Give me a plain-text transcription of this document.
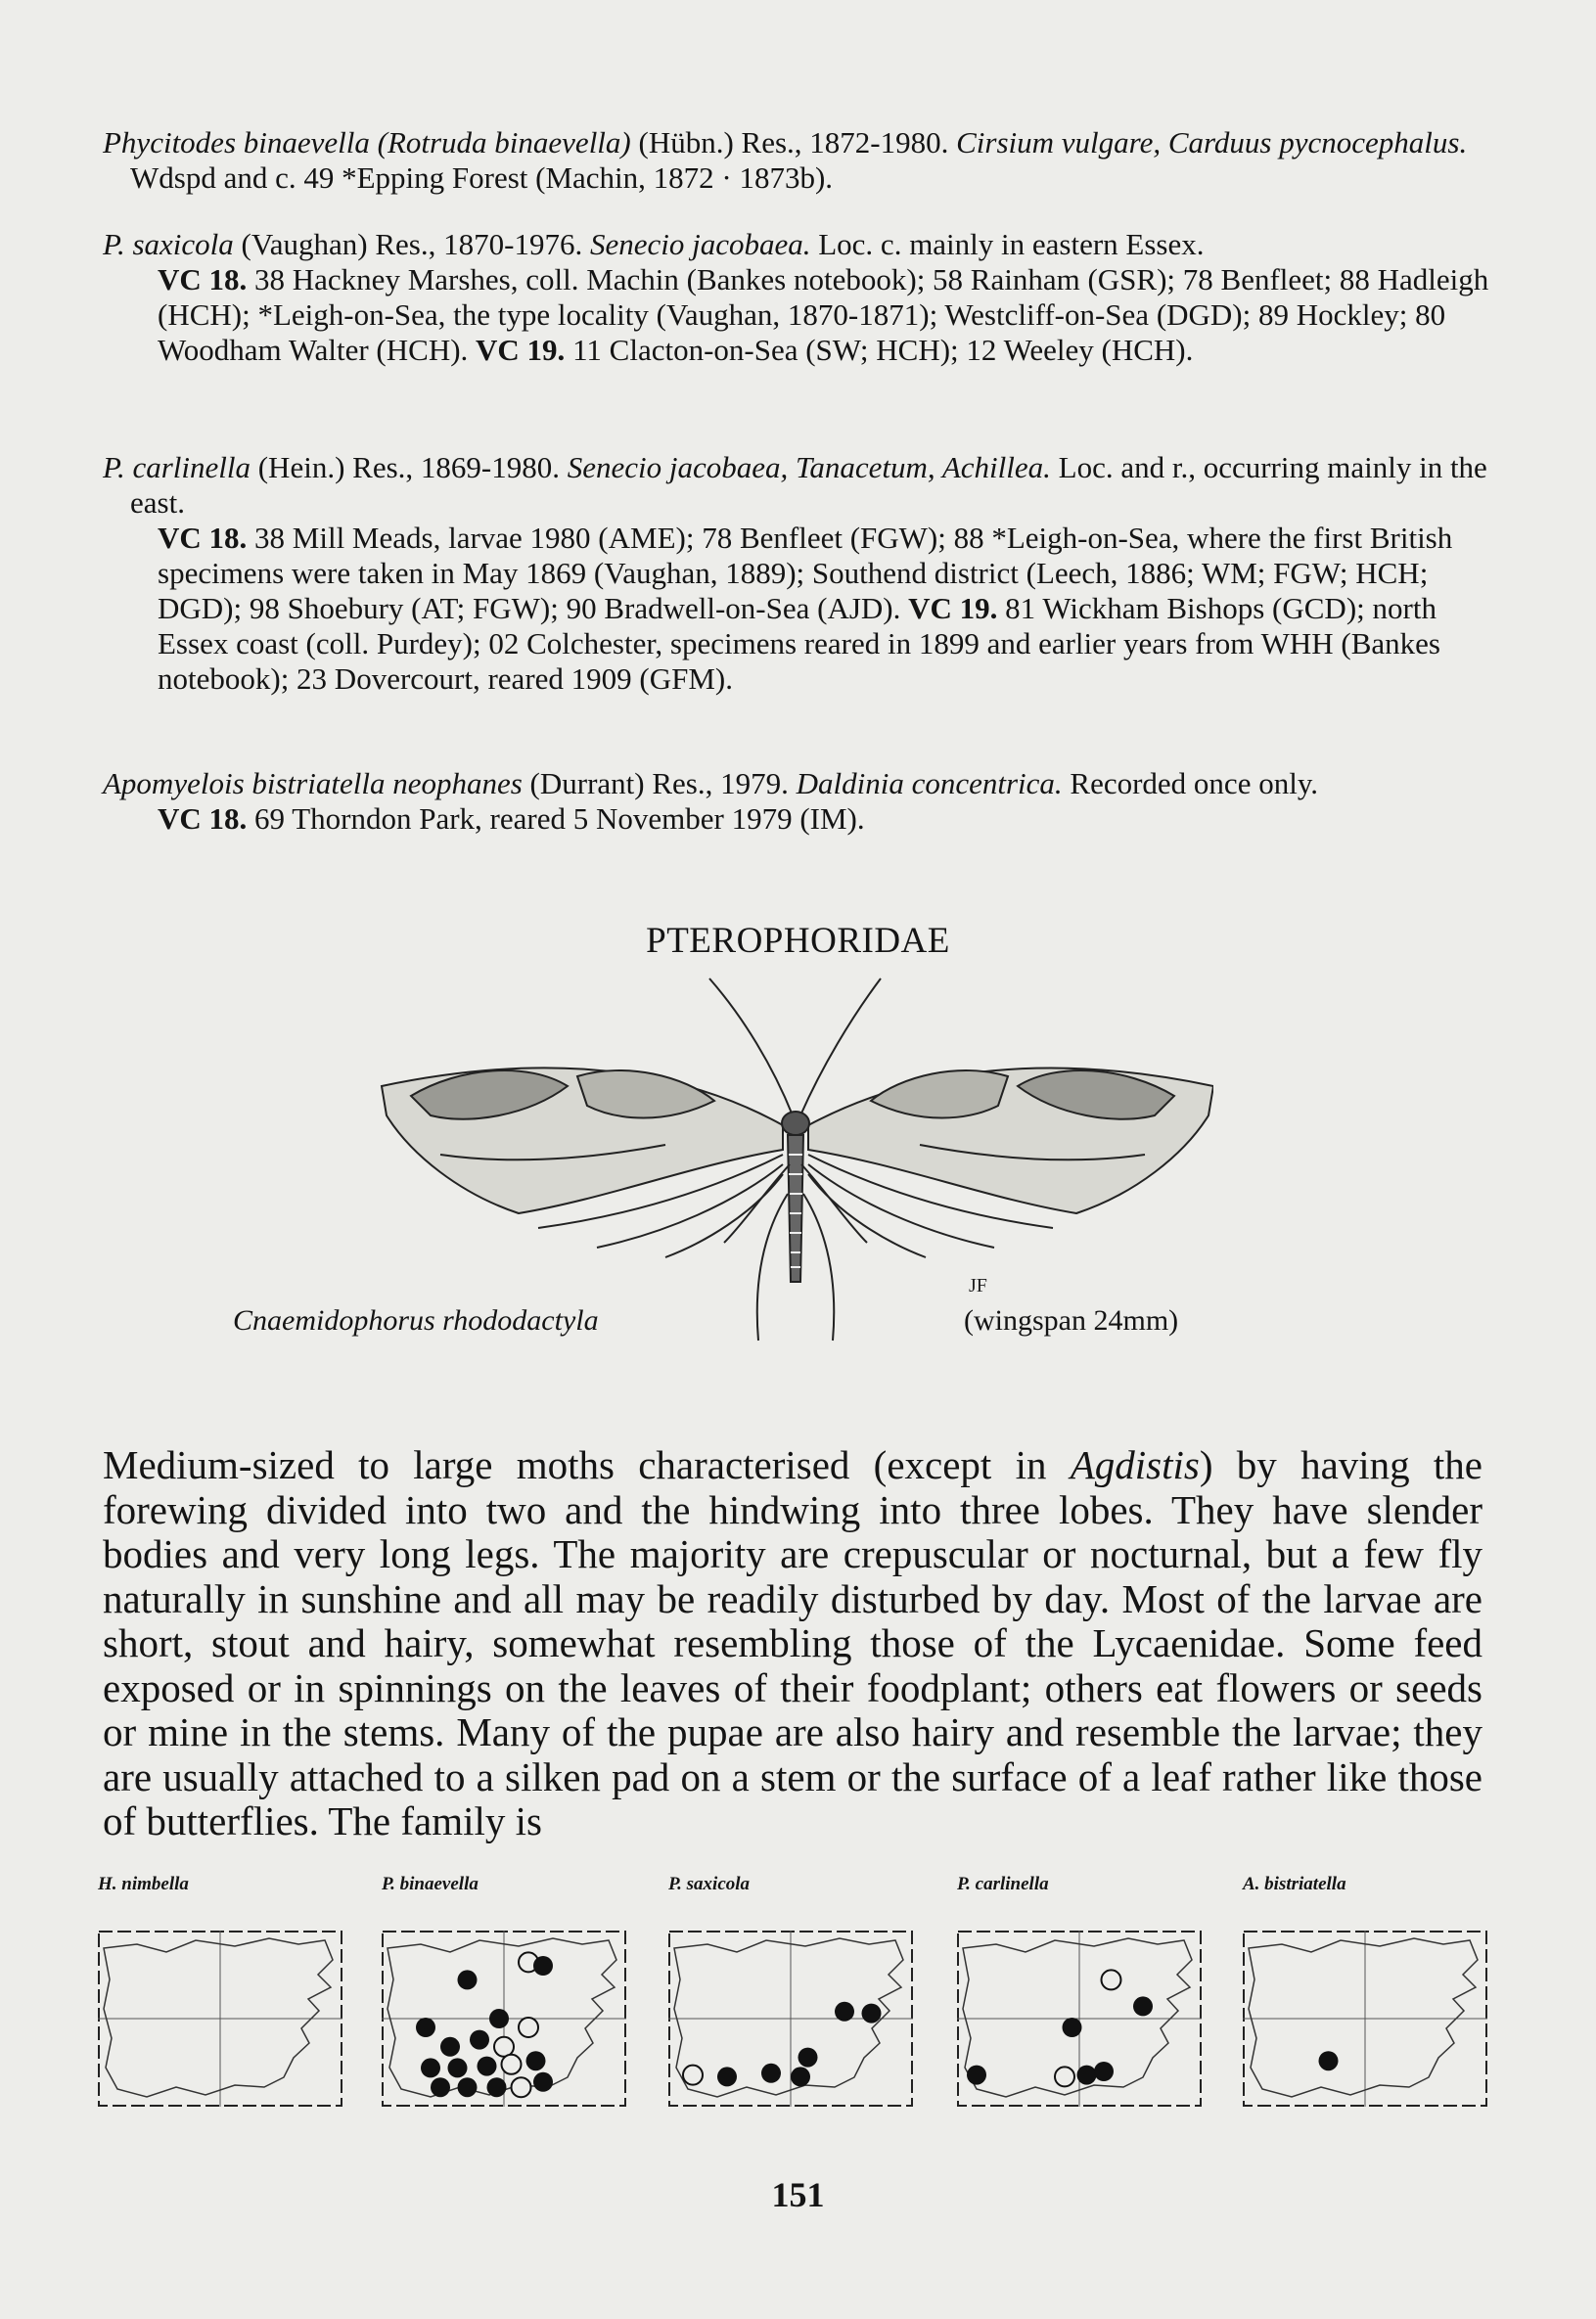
Phycitodes binaevella (Rotruda binaevella) (Hübn.) Res., 1872-1980. Cirsium vulgare, Carduus pycnocephalus. Wdspd and c. 49 *Epping Forest (Machin, 1872 · 1873b).

P. saxicola (Vaughan) Res., 1870-1976. Senecio jacobaea. Loc. c. mainly in eastern Essex.

VC 18. 38 Hackney Marshes, coll. Machin (Bankes notebook); 58 Rainham (GSR); 78 Benfleet; 88 Hadleigh (HCH); *Leigh-on-Sea, the type locality (Vaughan, 1870-1871); Westcliff-on-Sea (DGD); 89 Hockley; 80 Woodham Walter (HCH). VC 19. 11 Clacton-on-Sea (SW; HCH); 12 Weeley (HCH).

P. carlinella (Hein.) Res., 1869-1980. Senecio jacobaea, Tanacetum, Achillea. Loc. and r., occurring mainly in the east.

VC 18. 38 Mill Meads, larvae 1980 (AME); 78 Benfleet (FGW); 88 *Leigh-on-Sea, where the first British specimens were taken in May 1869 (Vaughan, 1889); Southend district (Leech, 1886; WM; FGW; HCH; DGD); 98 Shoebury (AT; FGW); 90 Bradwell-on-Sea (AJD). VC 19. 81 Wickham Bishops (GCD); north Essex coast (coll. Purdey); 02 Colchester, specimens reared in 1899 and earlier years from WHH (Bankes notebook); 23 Dovercourt, reared 1909 (GFM).

Apomyelois bistriatella neophanes (Durrant) Res., 1979. Daldinia concentrica. Recorded once only.

VC 18. 69 Thorndon Park, reared 5 November 1979 (IM).

PTEROPHORIDAE
JF
Cnaemidophorus rhododactyla	(wingspan 24mm)

Medium-sized to large moths characterised (except in Agdistis) by having the forewing divided into two and the hindwing into three lobes. They have slender bodies and very long legs. The majority are crepuscular or nocturnal, but a few fly naturally in sunshine and all may be readily disturbed by day. Most of the larvae are short, stout and hairy, somewhat resembling those of the Lycaenidae. Some feed exposed or in spinnings on the leaves of their foodplant; others eat flowers or seeds or mine in the stems. Many of the pupae are also hairy and resemble the larvae; they are usually attached to a silken pad on a stem or the surface of a leaf rather like those of butterflies. The family is

H. nimbella	P. binaevella	P. saxicola	P. carlinella	A. bistriatella
151
